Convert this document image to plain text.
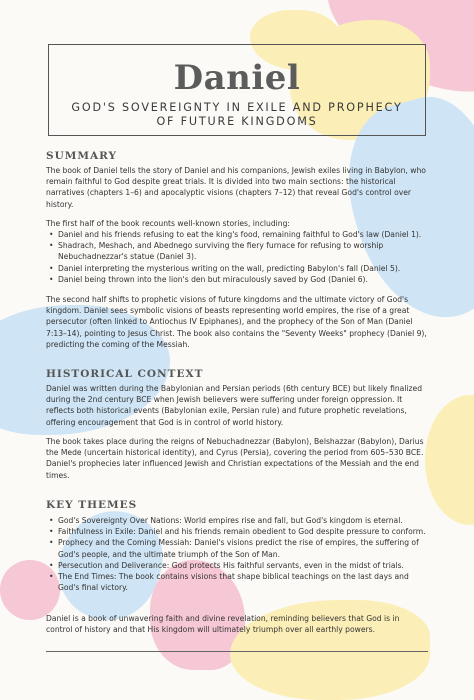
Daniel
GOD'S SOVEREIGNTY IN EXILE AND PROPHECY
OF FUTURE KINGDOMS
SUMMARY

The book of Daniel tells the story of Daniel and his companions, Jewish exiles living in Babylon, who remain faithful to God despite great trials. It is divided into two main sections: the historical narratives (chapters 1–6) and apocalyptic visions (chapters 7–12) that reveal God's control over history.

The first half of the book recounts well-known stories, including:

• Daniel and his friends refusing to eat the king's food, remaining faithful to God's law (Daniel 1).
• Shadrach, Meshach, and Abednego surviving the fiery furnace for refusing to worship Nebuchadnezzar's statue (Daniel 3).
• Daniel interpreting the mysterious writing on the wall, predicting Babylon's fall (Daniel 5).
• Daniel being thrown into the lion's den but miraculously saved by God (Daniel 6).

The second half shifts to prophetic visions of future kingdoms and the ultimate victory of God's kingdom. Daniel sees symbolic visions of beasts representing world empires, the rise of a great persecutor (often linked to Antiochus IV Epiphanes), and the prophecy of the Son of Man (Daniel 7:13–14), pointing to Jesus Christ. The book also contains the "Seventy Weeks" prophecy (Daniel 9), predicting the coming of the Messiah.

HISTORICAL CONTEXT

Daniel was written during the Babylonian and Persian periods (6th century BCE) but likely finalized during the 2nd century BCE when Jewish believers were suffering under foreign oppression. It reflects both historical events (Babylonian exile, Persian rule) and future prophetic revelations, offering encouragement that God is in control of world history.

The book takes place during the reigns of Nebuchadnezzar (Babylon), Belshazzar (Babylon), Darius the Mede (uncertain historical identity), and Cyrus (Persia), covering the period from 605–530 BCE. Daniel's prophecies later influenced Jewish and Christian expectations of the Messiah and the end times.

KEY THEMES
• God's Sovereignty Over Nations: World empires rise and fall, but God's kingdom is eternal.
• Faithfulness in Exile: Daniel and his friends remain obedient to God despite pressure to conform.
• Prophecy and the Coming Messiah: Daniel's visions predict the rise of empires, the suffering of God's people, and the ultimate triumph of the Son of Man.
• Persecution and Deliverance: God protects His faithful servants, even in the midst of trials.
• The End Times: The book contains visions that shape biblical teachings on the last days and God's final victory.

Daniel is a book of unwavering faith and divine revelation, reminding believers that God is in control of history and that His kingdom will ultimately triumph over all earthly powers.
